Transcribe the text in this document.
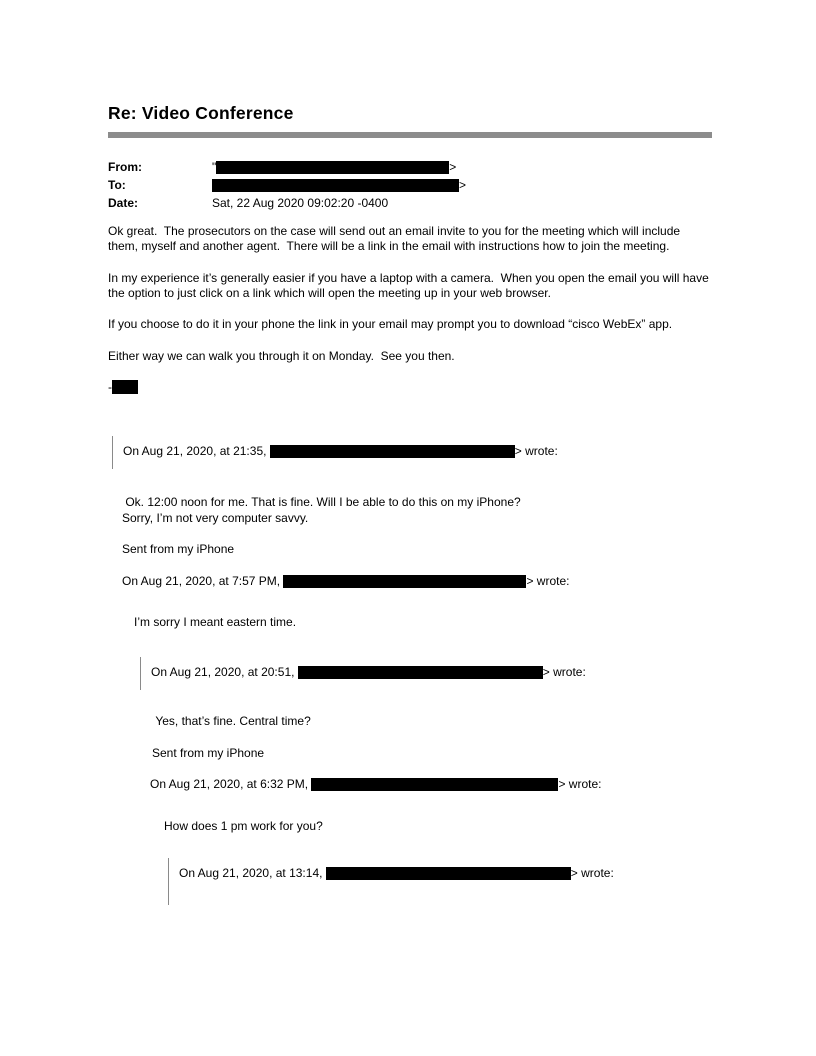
Re: Video Conference
From:	"	>
To:	>
Date:	Sat, 22 Aug 2020 09:02:20 -0400
Ok great.  The prosecutors on the case will send out an email invite to you for the meeting which will include them, myself and another agent.  There will be a link in the email with instructions how to join the meeting.
In my experience it’s generally easier if you have a laptop with a camera.  When you open the email you will have the option to just click on a link which will open the meeting up in your web browser.
If you choose to do it in your phone the link in your email may prompt you to download “cisco WebEx” app.
Either way we can walk you through it on Monday.  See you then.
-
On Aug 21, 2020, at 21:35,	> wrote:
Ok. 12:00 noon for me. That is fine. Will I be able to do this on my iPhone?
Sorry, I’m not very computer savvy.
Sent from my iPhone
On Aug 21, 2020, at 7:57 PM,	> wrote:
I’m sorry I meant eastern time.
On Aug 21, 2020, at 20:51,	> wrote:
Yes, that’s fine. Central time?
Sent from my iPhone
On Aug 21, 2020, at 6:32 PM,	> wrote:
How does 1 pm work for you?
On Aug 21, 2020, at 13:14,	> wrote:
